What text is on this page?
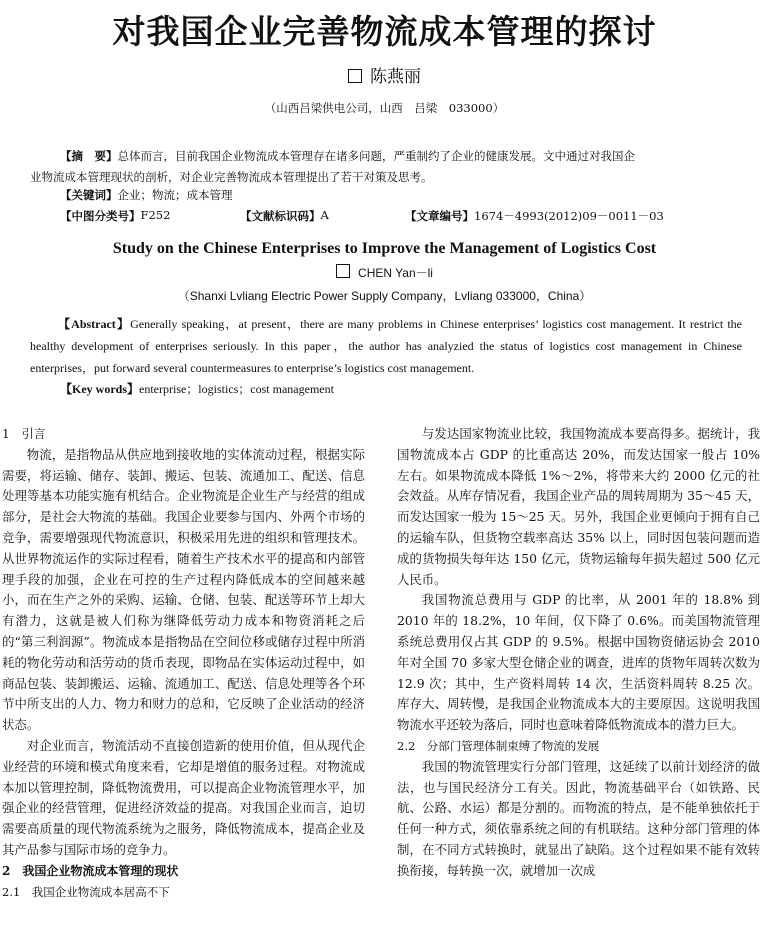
对我国企业完善物流成本管理的探讨
陈燕丽
（山西吕梁供电公司，山西　吕梁　033000）

【摘　要】总体而言，目前我国企业物流成本管理存在诸多问题，严重制约了企业的健康发展。文中通过对我国企

业物流成本管理现状的剖析，对企业完善物流成本管理提出了若干对策及思考。

【关键词】企业；物流；成本管理

【中图分类号】 F252	【文献标识码】 A	【文章编号】 1674－4993(2012)09－0011－03
Study on the Chinese Enterprises to Improve the Management of Logistics Cost
CHEN Yan－li
（Shanxi Lvliang Electric Power Supply Company，Lvliang 033000，China）

【Abstract】Generally speaking，at present，there are many problems in Chinese enterprises’ logistics cost management. It restrict the healthy development of enterprises seriously. In this paper，the author has analyzied the status of logistics cost management in Chinese enterprises，put forward several countermeasures to enterprise’s logistics cost management.

【Key words】enterprise；logistics；cost management

1　引言

物流，是指物品从供应地到接收地的实体流动过程，根据实际需要，将运输、储存、装卸、搬运、包装、流通加工、配送、信息处理等基本功能实施有机结合。企业物流是企业生产与经营的组成部分，是社会大物流的基础。我国企业要参与国内、外两个市场的竞争，需要增强现代物流意识，积极采用先进的组织和管理技术。从世界物流运作的实际过程看，随着生产技术水平的提高和内部管理手段的加强，企业在可控的生产过程内降低成本的空间越来越小，而在生产之外的采购、运输、仓储、包装、配送等环节上却大有潜力，这就是被人们称为继降低劳动力成本和物资消耗之后的“第三利润源”。物流成本是指物品在空间位移或储存过程中所消耗的物化劳动和活劳动的货币表现，即物品在实体运动过程中，如商品包装、装卸搬运、运输、流通加工、配送、信息处理等各个环节中所支出的人力、物力和财力的总和，它反映了企业活动的经济状态。

对企业而言，物流活动不直接创造新的使用价值，但从现代企业经营的环境和模式角度来看，它却是增值的服务过程。对物流成本加以管理控制，降低物流费用，可以提高企业物流管理水平，加强企业的经营管理，促进经济效益的提高。对我国企业而言，迫切需要高质量的现代物流系统为之服务，降低物流成本，提高企业及其产品参与国际市场的竞争力。

2　我国企业物流成本管理的现状

2.1　我国企业物流成本居高不下

与发达国家物流业比较，我国物流成本要高得多。据统计，我国物流成本占 GDP 的比重高达 20%，而发达国家一般占 10% 左右。如果物流成本降低 1%～2%，将带来大约 2000 亿元的社会效益。从库存情况看，我国企业产品的周转周期为 35～45 天，而发达国家一般为 15～25 天。另外，我国企业更倾向于拥有自己的运输车队，但货物空载率高达 35% 以上，同时因包装问题而造成的货物损失每年达 150 亿元，货物运输每年损失超过 500 亿元人民币。

我国物流总费用与 GDP 的比率，从 2001 年的 18.8% 到 2010 年的 18.2%，10 年间，仅下降了 0.6%。而美国物流管理系统总费用仅占其 GDP 的 9.5%。根据中国物资储运协会 2010 年对全国 70 多家大型仓储企业的调查，进库的货物年周转次数为 12.9 次；其中，生产资料周转 14 次，生活资料周转 8.25 次。库存大、周转慢，是我国企业物流成本大的主要原因。这说明我国物流水平还较为落后，同时也意味着降低物流成本的潜力巨大。

2.2　分部门管理体制束缚了物流的发展

我国的物流管理实行分部门管理，这延续了以前计划经济的做法，也与国民经济分工有关。因此，物流基础平台（如铁路、民航、公路、水运）都是分割的。而物流的特点，是不能单独依托于任何一种方式，须依靠系统之间的有机联结。这种分部门管理的体制，在不同方式转换时，就显出了缺陷。这个过程如果不能有效转换衔接，每转换一次，就增加一次成
